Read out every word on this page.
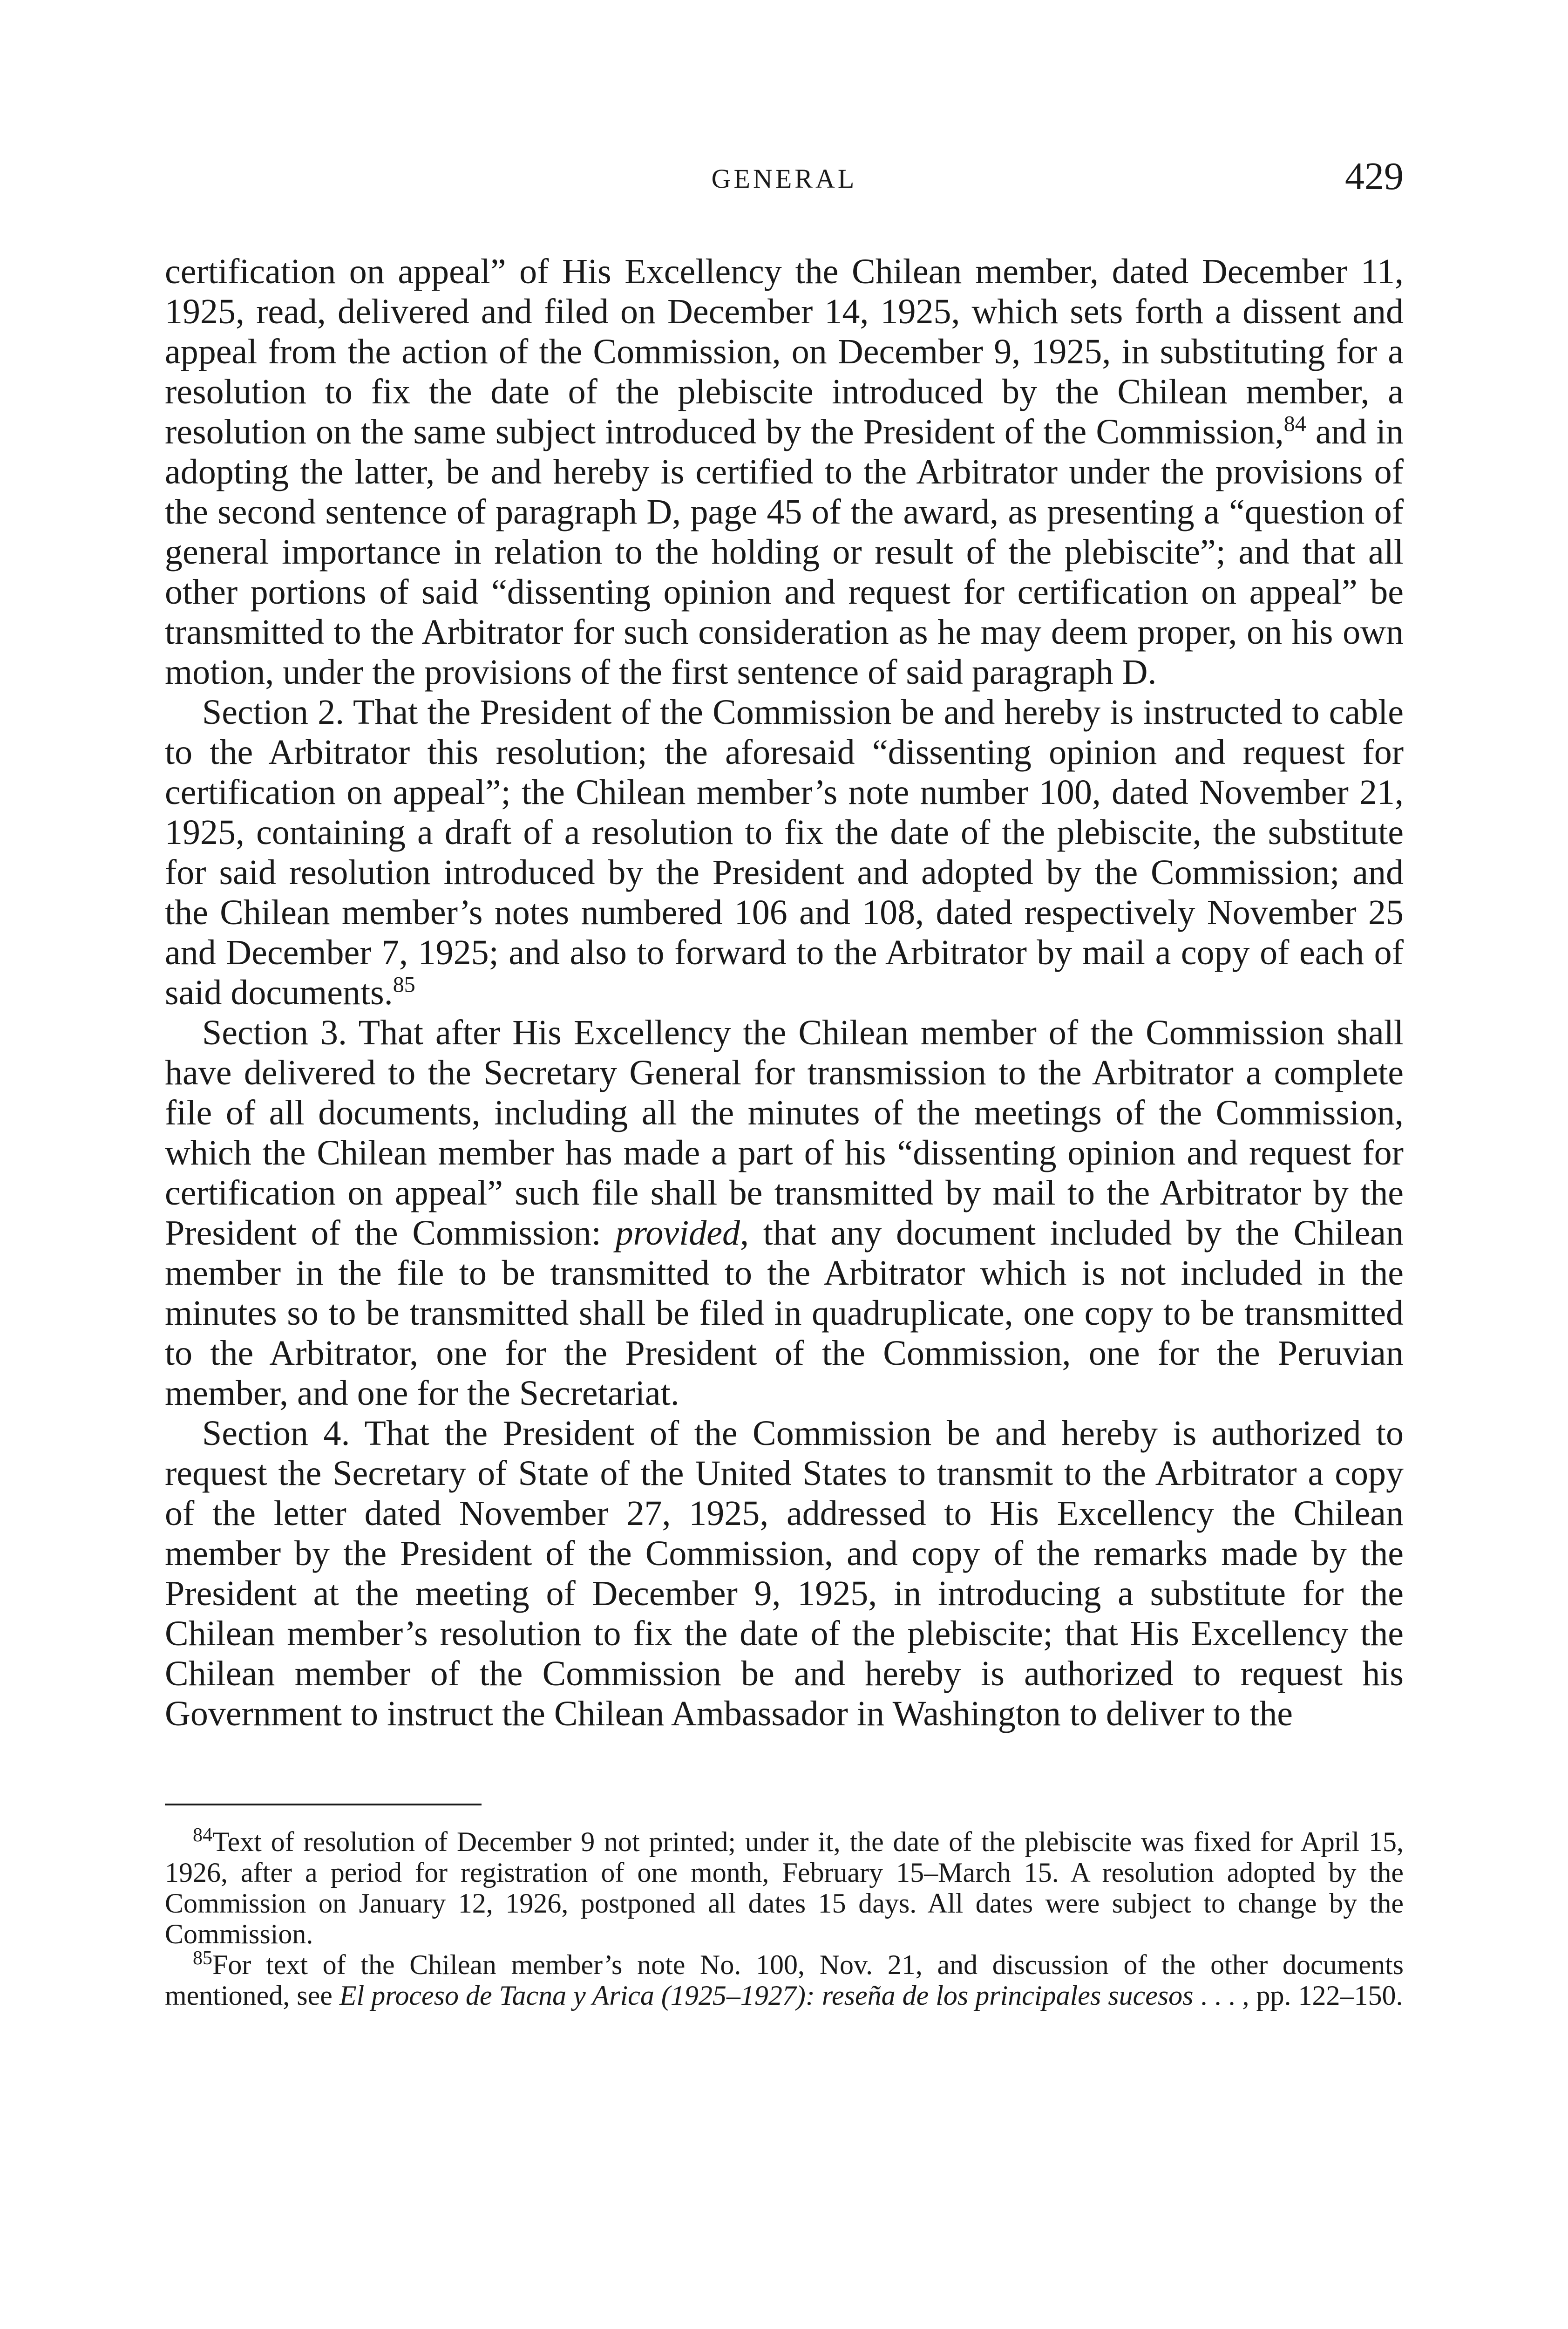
GENERAL	429

certification on appeal” of His Excellency the Chilean member, dated December 11, 1925, read, delivered and filed on December 14, 1925, which sets forth a dissent and appeal from the action of the Commission, on December 9, 1925, in substituting for a resolution to fix the date of the plebiscite introduced by the Chilean member, a resolution on the same subject introduced by the President of the Commission,$^{84}$ and in adopting the latter, be and hereby is certified to the Arbitrator under the provisions of the second sentence of paragraph D, page 45 of the award, as presenting a “question of general importance in relation to the holding or result of the plebiscite”; and that all other portions of said “dissenting opinion and request for certification on appeal” be transmitted to the Arbitrator for such consideration as he may deem proper, on his own motion, under the provisions of the first sentence of said paragraph D.

Section 2. That the President of the Commission be and hereby is instructed to cable to the Arbitrator this resolution; the aforesaid “dissenting opinion and request for certification on appeal”; the Chilean member’s note number 100, dated November 21, 1925, containing a draft of a resolution to fix the date of the plebiscite, the substitute for said resolution introduced by the President and adopted by the Commission; and the Chilean member’s notes numbered 106 and 108, dated respectively November 25 and December 7, 1925; and also to forward to the Arbitrator by mail a copy of each of said documents.$^{85}$

Section 3. That after His Excellency the Chilean member of the Commission shall have delivered to the Secretary General for transmission to the Arbitrator a complete file of all documents, including all the minutes of the meetings of the Commission, which the Chilean member has made a part of his “dissenting opinion and request for certification on appeal” such file shall be transmitted by mail to the Arbitrator by the President of the Commission: provided, that any document included by the Chilean member in the file to be transmitted to the Arbitrator which is not included in the minutes so to be transmitted shall be filed in quadruplicate, one copy to be transmitted to the Arbitrator, one for the President of the Commission, one for the Peruvian member, and one for the Secretariat.

Section 4. That the President of the Commission be and hereby is authorized to request the Secretary of State of the United States to transmit to the Arbitrator a copy of the letter dated November 27, 1925, addressed to His Excellency the Chilean member by the President of the Commission, and copy of the remarks made by the President at the meeting of December 9, 1925, in introducing a substitute for the Chilean member’s resolution to fix the date of the plebiscite; that His Excellency the Chilean member of the Commission be and hereby is authorized to request his Government to instruct the Chilean Ambassador in Washington to deliver to the

$^{84}$Text of resolution of December 9 not printed; under it, the date of the plebiscite was fixed for April 15, 1926, after a period for registration of one month, February 15–March 15. A resolution adopted by the Commission on January 12, 1926, postponed all dates 15 days. All dates were subject to change by the Commission.

$^{85}$For text of the Chilean member’s note No. 100, Nov. 21, and discussion of the other documents mentioned, see El proceso de Tacna y Arica (1925–1927): reseña de los principales sucesos . . . , pp. 122–150.
